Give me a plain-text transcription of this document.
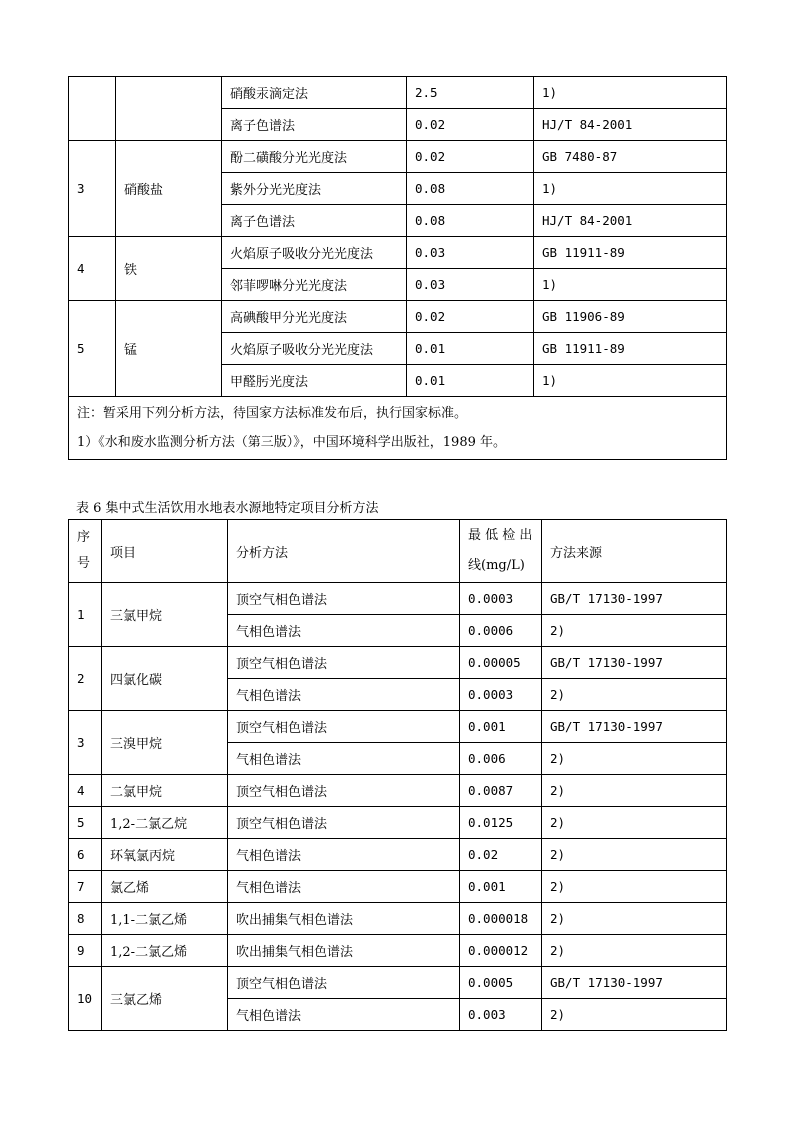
		硝酸汞滴定法	2.5	1)
		离子色谱法	0.02	HJ/T 84-2001
3	硝酸盐	酚二磺酸分光光度法	0.02	GB 7480-87
		紫外分光光度法	0.08	1)
		离子色谱法	0.08	HJ/T 84-2001
4	铁	火焰原子吸收分光光度法	0.03	GB 11911-89
		邻菲啰啉分光光度法	0.03	1)
5	锰	高碘酸甲分光光度法	0.02	GB 11906-89
		火焰原子吸收分光光度法	0.01	GB 11911-89
		甲醛肟光度法	0.01	1)

注：暂采用下列分析方法，待国家方法标准发布后，执行国家标准。
1）《水和废水监测分析方法（第三版）》，中国环境科学出版社，1989 年。				
表 6 集中式生活饮用水地表水源地特定项目分析方法
序号	项目	分析方法	最 低 检 出线(mg/L)	方法来源
1	三氯甲烷	顶空气相色谱法	0.0003	GB/T 17130-1997
		气相色谱法	0.0006	2)
2	四氯化碳	顶空气相色谱法	0.00005	GB/T 17130-1997
		气相色谱法	0.0003	2)
3	三溴甲烷	顶空气相色谱法	0.001	GB/T 17130-1997
		气相色谱法	0.006	2)
4	二氯甲烷	顶空气相色谱法	0.0087	2)
5	1,2-二氯乙烷	顶空气相色谱法	0.0125	2)
6	环氧氯丙烷	气相色谱法	0.02	2)
7	氯乙烯	气相色谱法	0.001	2)
8	1,1-二氯乙烯	吹出捕集气相色谱法	0.000018	2)
9	1,2-二氯乙烯	吹出捕集气相色谱法	0.000012	2)
10	三氯乙烯	顶空气相色谱法	0.0005	GB/T 17130-1997
		气相色谱法	0.003	2)
